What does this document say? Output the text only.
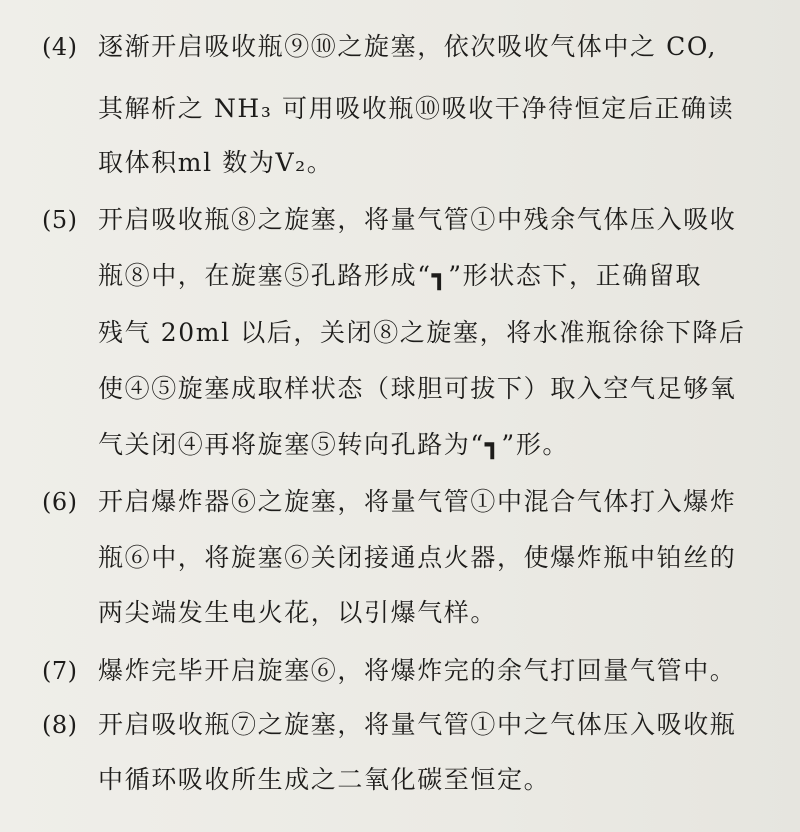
(4) 逐渐开启吸收瓶⑨⑩之旋塞，依次吸收气体中之 CO,
其解析之 NH₃ 可用吸收瓶⑩吸收干净待恒定后正确读
取体积ml 数为V₂。
(5) 开启吸收瓶⑧之旋塞，将量气管①中残余气体压入吸收
瓶⑧中，在旋塞⑤孔路形成“┓”形状态下，正确留取
残气 20ml 以后，关闭⑧之旋塞，将水准瓶徐徐下降后
使④⑤旋塞成取样状态（球胆可拔下）取入空气足够氧
气关闭④再将旋塞⑤转向孔路为“┓”形。
(6) 开启爆炸器⑥之旋塞，将量气管①中混合气体打入爆炸
瓶⑥中，将旋塞⑥关闭接通点火器，使爆炸瓶中铂丝的
两尖端发生电火花，以引爆气样。
(7) 爆炸完毕开启旋塞⑥，将爆炸完的余气打回量气管中。
(8) 开启吸收瓶⑦之旋塞，将量气管①中之气体压入吸收瓶
中循环吸收所生成之二氧化碳至恒定。
